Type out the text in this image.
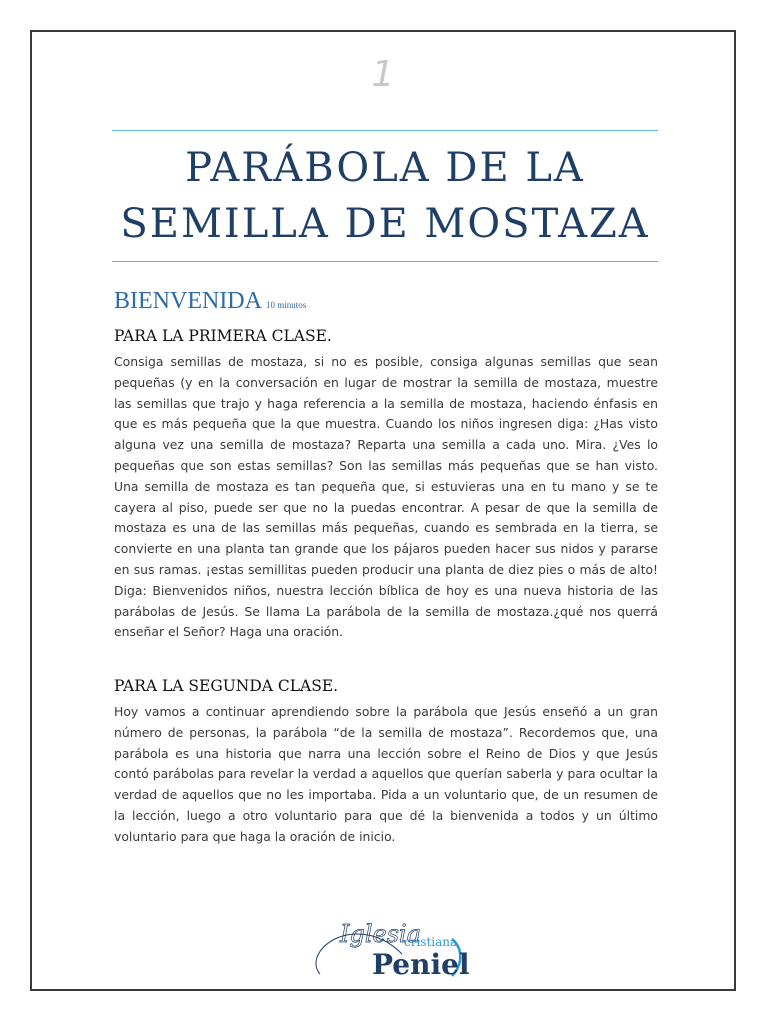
1
PARÁBOLA DE LA
SEMILLA DE MOSTAZA
BIENVENIDA 10 minutos
PARA LA PRIMERA CLASE.

Consiga semillas de mostaza, si no es posible, consiga algunas semillas que sean pequeñas (y en la conversación en lugar de mostrar la semilla de mostaza, muestre las semillas que trajo y haga referencia a la semilla de mostaza, haciendo énfasis en que es más pequeña que la que muestra. Cuando los niños ingresen diga: ¿Has visto alguna vez una semilla de mostaza? Reparta una semilla a cada uno. Mira. ¿Ves lo pequeñas que son estas semillas? Son las semillas más pequeñas que se han visto. Una semilla de mostaza es tan pequeña que, si estuvieras una en tu mano y se te cayera al piso, puede ser que no la puedas encontrar. A pesar de que la semilla de mostaza es una de las semillas más pequeñas, cuando es sembrada en la tierra, se convierte en una planta tan grande que los pájaros pueden hacer sus nidos y pararse en sus ramas. ¡estas semillitas pueden producir una planta de diez pies o más de alto! Diga: Bienvenidos niños, nuestra lección bíblica de hoy es una nueva historia de las parábolas de Jesús. Se llama La parábola de la semilla de mostaza.¿qué nos querrá enseñar el Señor? Haga una oración.

PARA LA SEGUNDA CLASE.

Hoy vamos a continuar aprendiendo sobre la parábola que Jesús enseñó a un gran número de personas, la parábola “de la semilla de mostaza”. Recordemos que, una parábola es una historia que narra una lección sobre el Reino de Dios y que Jesús contó parábolas para revelar la verdad a aquellos que querían saberla y para ocultar la verdad de aquellos que no les importaba. Pida a un voluntario que, de un resumen de la lección, luego a otro voluntario para que dé la bienvenida a todos y un último voluntario para que haga la oración de inicio.

Iglesia
cristiana
Peniel
